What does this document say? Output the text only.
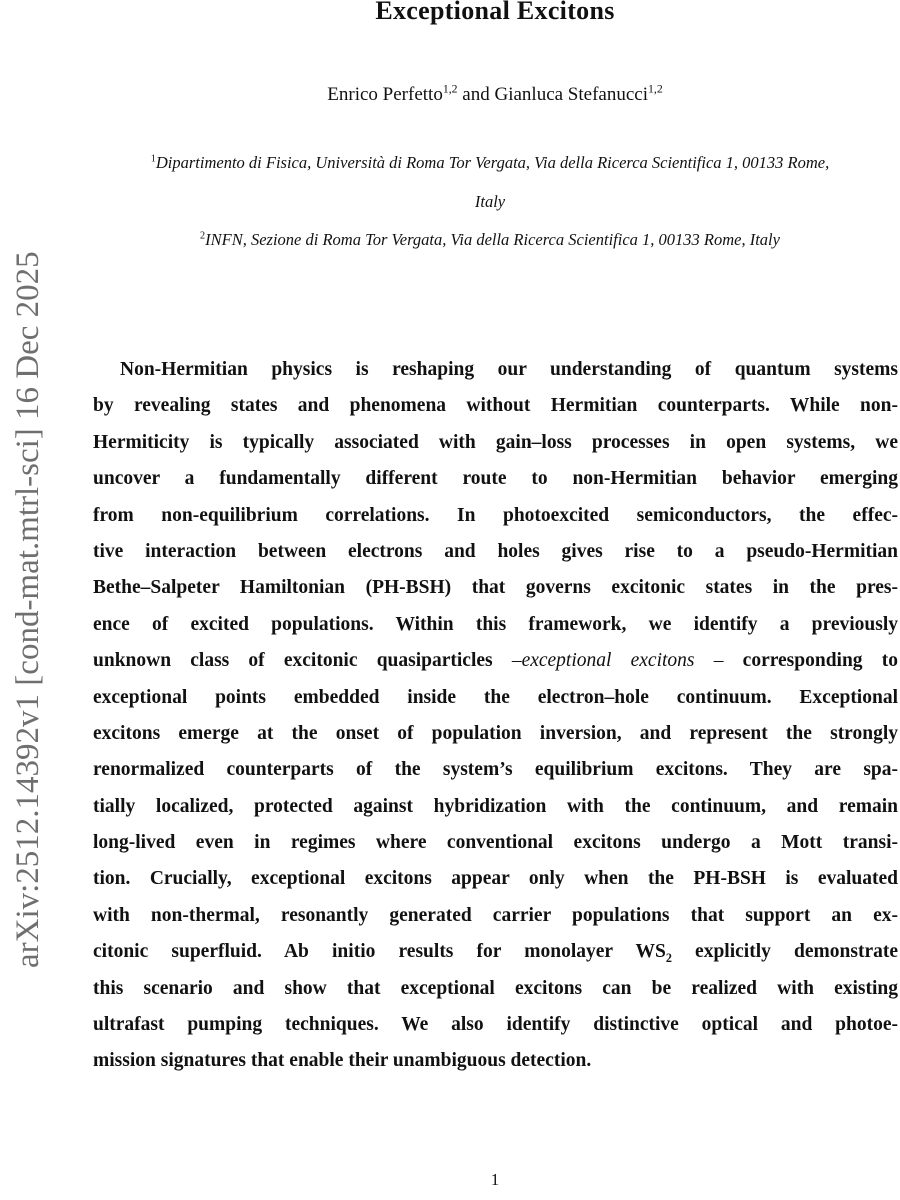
arXiv:2512.14392v1 [cond-mat.mtrl-sci] 16 Dec 2025
Exceptional Excitons
Enrico Perfetto$^{1,2}$ and Gianluca Stefanucci$^{1,2}$
$^1$Dipartimento di Fisica, Università di Roma Tor Vergata, Via della Ricerca Scientifica 1, 00133 Rome,
Italy
$^2$INFN, Sezione di Roma Tor Vergata, Via della Ricerca Scientifica 1, 00133 Rome, Italy
Non-Hermitian physics is reshaping our understanding of quantum systems
by revealing states and phenomena without Hermitian counterparts. While non-
Hermiticity is typically associated with gain–loss processes in open systems, we
uncover a fundamentally different route to non-Hermitian behavior emerging
from non-equilibrium correlations. In photoexcited semiconductors, the effec-
tive interaction between electrons and holes gives rise to a pseudo-Hermitian
Bethe–Salpeter Hamiltonian (PH-BSH) that governs excitonic states in the pres-
ence of excited populations. Within this framework, we identify a previously
unknown class of excitonic quasiparticles –exceptional excitons – corresponding to
exceptional points embedded inside the electron–hole continuum. Exceptional
excitons emerge at the onset of population inversion, and represent the strongly
renormalized counterparts of the system’s equilibrium excitons. They are spa-
tially localized, protected against hybridization with the continuum, and remain
long-lived even in regimes where conventional excitons undergo a Mott transi-
tion. Crucially, exceptional excitons appear only when the PH-BSH is evaluated
with non-thermal, resonantly generated carrier populations that support an ex-
citonic superfluid. Ab initio results for monolayer $WS_2$ explicitly demonstrate
this scenario and show that exceptional excitons can be realized with existing
ultrafast pumping techniques. We also identify distinctive optical and photoe-
mission signatures that enable their unambiguous detection.
1
